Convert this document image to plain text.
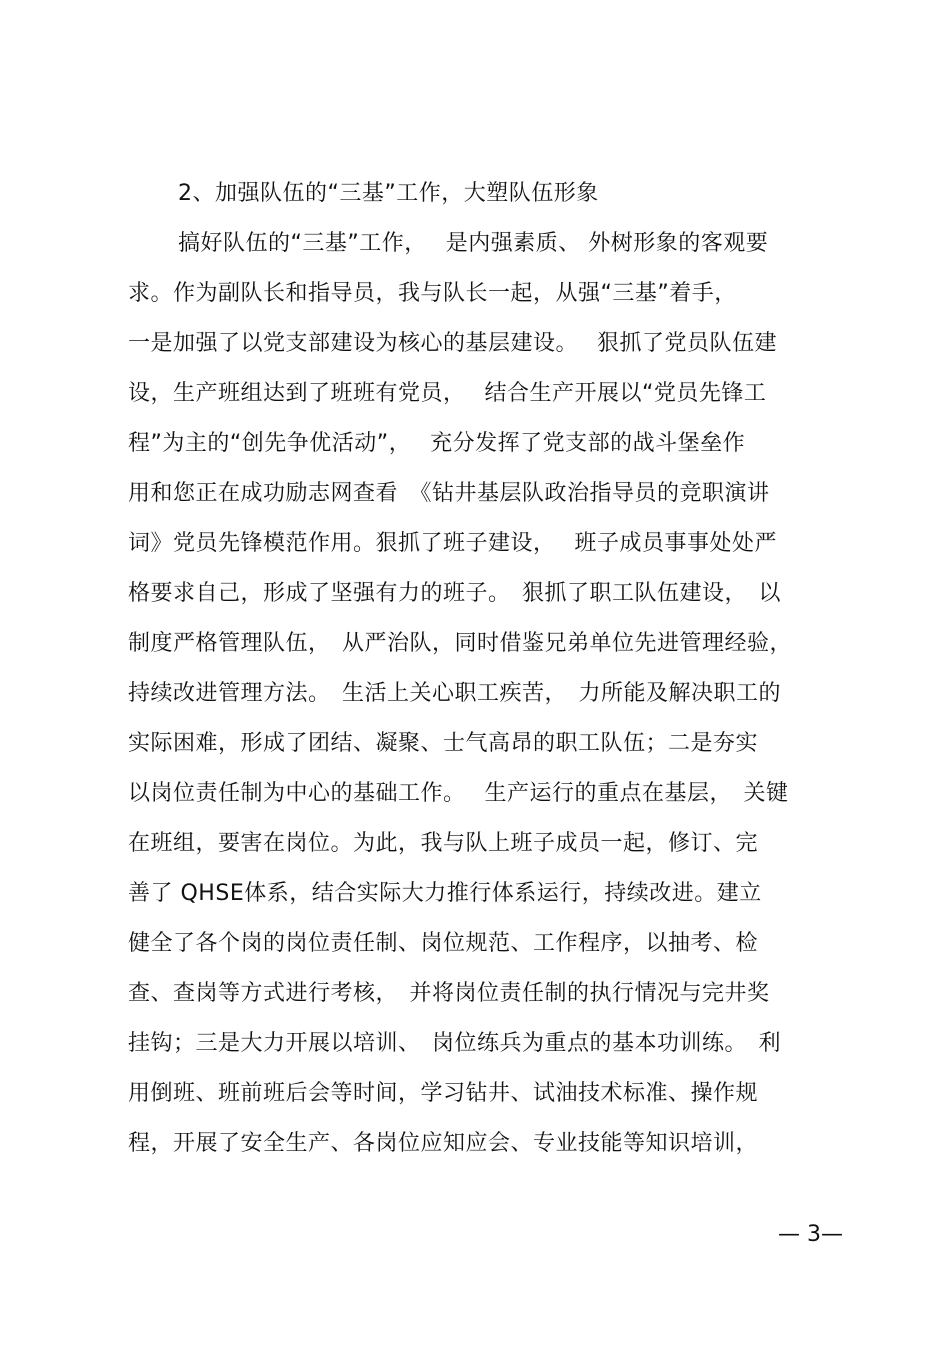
2、加强队伍的“三基”工作，大塑队伍形象
搞好队伍的“三基”工作，　 是内强素质、 外树形象的客观要
求。作为副队长和指导员，我与队长一起，从强“三基”着手，
一是加强了以党支部建设为核心的基层建设。　 狠抓了党员队伍建
设，生产班组达到了班班有党员，　 结合生产开展以“党员先锋工
程”为主的“创先争优活动”，　 充分发挥了党支部的战斗堡垒作
用和您正在成功励志网查看　《钻井基层队政治指导员的竞职演讲
词》党员先锋模范作用。狠抓了班子建设，　 班子成员事事处处严
格要求自己，形成了坚强有力的班子。　狠抓了职工队伍建设，　以
制度严格管理队伍，　从严治队，同时借鉴兄弟单位先进管理经验，
持续改进管理方法。　生活上关心职工疾苦，　力所能及解决职工的
实际困难，形成了团结、凝聚、士气高昂的职工队伍；二是夯实
以岗位责任制为中心的基础工作。　 生产运行的重点在基层，　关键
在班组，要害在岗位。为此，我与队上班子成员一起，修订、完
善了 QHSE体系，结合实际大力推行体系运行，持续改进。建立
健全了各个岗的岗位责任制、岗位规范、工作程序，以抽考、检
查、查岗等方式进行考核，　并将岗位责任制的执行情况与完井奖
挂钩；三是大力开展以培训、　岗位练兵为重点的基本功训练。　利
用倒班、班前班后会等时间，学习钻井、试油技术标准、操作规
程，开展了安全生产、各岗位应知应会、专业技能等知识培训，
— 3—
